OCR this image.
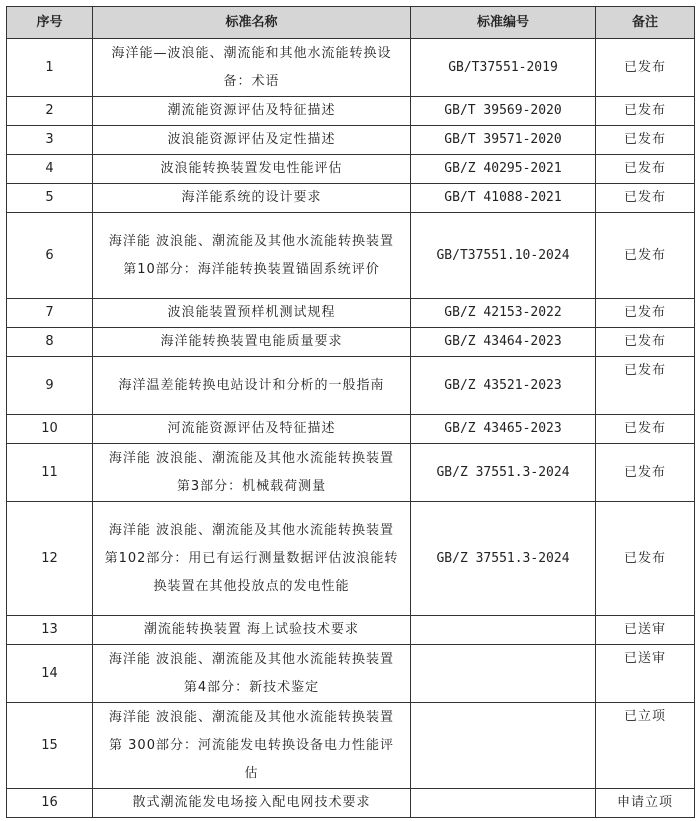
序号	标准名称	标准编号	备注
1	海洋能—波浪能、潮流能和其他水流能转换设备：术语	GB/T37551-2019	已发布
2	潮流能资源评估及特征描述	GB/T 39569-2020	已发布
3	波浪能资源评估及定性描述	GB/T 39571-2020	已发布
4	波浪能转换装置发电性能评估	GB/Z 40295-2021	已发布
5	海洋能系统的设计要求	GB/T 41088-2021	已发布
6	海洋能 波浪能、潮流能及其他水流能转换装置 第10部分：海洋能转换装置锚固系统评价	GB/T37551.10-2024	已发布
7	波浪能装置预样机测试规程	GB/Z 42153-2022	已发布
8	海洋能转换装置电能质量要求	GB/Z 43464-2023	已发布
9	海洋温差能转换电站设计和分析的一般指南	GB/Z 43521-2023	已发布
10	河流能资源评估及特征描述	GB/Z 43465-2023	已发布
11	海洋能 波浪能、潮流能及其他水流能转换装置 第3部分：机械载荷测量	GB/Z 37551.3-2024	已发布
12	海洋能 波浪能、潮流能及其他水流能转换装置 第102部分：用已有运行测量数据评估波浪能转换装置在其他投放点的发电性能	GB/Z 37551.3-2024	已发布
13	潮流能转换装置 海上试验技术要求		已送审
14	海洋能 波浪能、潮流能及其他水流能转换装置 第4部分：新技术鉴定		已送审
15	海洋能 波浪能、潮流能及其他水流能转换装置第 300部分：河流能发电转换设备电力性能评估		已立项
16	散式潮流能发电场接入配电网技术要求		申请立项
